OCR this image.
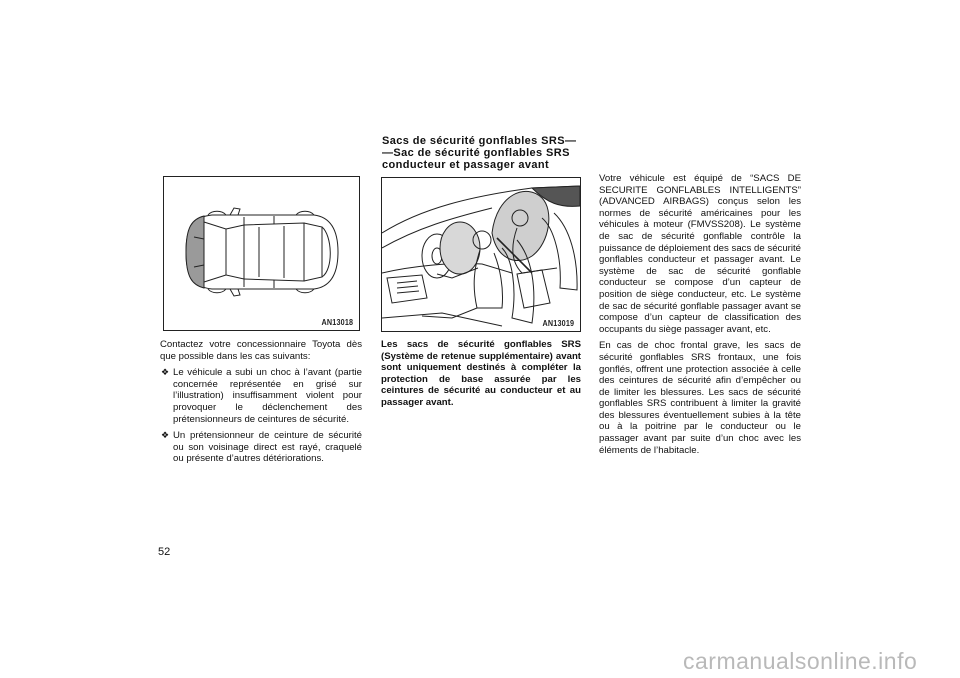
AN13018

Contactez votre concessionnaire Toyota dès que possible dans les cas suivants:

❖ Le véhicule a subi un choc à l’avant (partie concernée représentée en grisé sur l’illustration) insuffisamment violent pour provoquer le déclenchement des prétensionneurs de ceintures de sécurité.
❖ Un prétensionneur de ceinture de sécurité ou son voisinage direct est rayé, craquelé ou présente d’autres détériorations.
Sacs de sécurité gonflables SRS—
—Sac de sécurité gonflables SRS
conducteur et passager avant
AN13019
Les sacs de sécurité gonflables SRS (Système de retenue supplémentaire) avant sont uniquement destinés à compléter la protection de base assurée par les ceintures de sécurité au conducteur et au passager avant.

Votre véhicule est équipé de “SACS DE SECURITE GONFLABLES INTELLIGENTS” (ADVANCED AIRBAGS) conçus selon les normes de sécurité américaines pour les véhicules à moteur (FMVSS208). Le système de sac de sécurité gonflable contrôle la puissance de déploiement des sacs de sécurité gonflables conducteur et passager avant. Le système de sac de sécurité gonflable conducteur se compose d’un capteur de position de siège conducteur, etc. Le système de sac de sécurité gonflable passager avant se compose d’un capteur de classification des occupants du siège passager avant, etc.

En cas de choc frontal grave, les sacs de sécurité gonflables SRS frontaux, une fois gonflés, offrent une protection associée à celle des ceintures de sécurité afin d’empêcher ou de limiter les blessures. Les sacs de sécurité gonflables SRS contribuent à limiter la gravité des blessures éventuellement subies à la tête ou à la poitrine par le conducteur ou le passager avant par suite d’un choc avec les éléments de l’habitacle.

52
carmanualsonline.info
